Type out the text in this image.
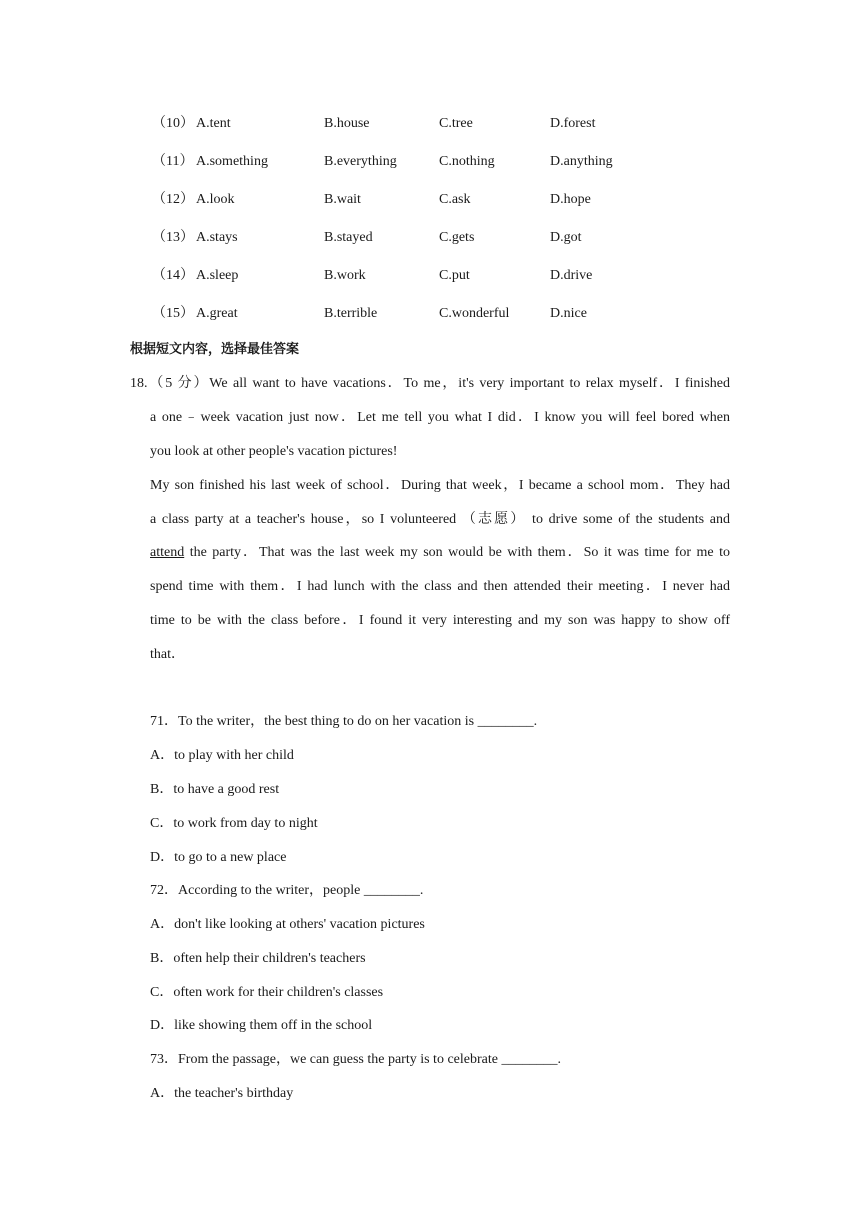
（10） A.tent	B.house	C.tree	D.forest
（11） A.something	B.everything	C.nothing	D.anything
（12） A.look	B.wait	C.ask	D.hope
（13） A.stays	B.stayed	C.gets	D.got
（14） A.sleep	B.work	C.put	D.drive
（15） A.great	B.terrible	C.wonderful	D.nice
根据短文内容，选择最佳答案
18.（5 分）We all want to have vacations．To me，it's very important to relax myself．I finished
a one﹣week vacation just now．Let me tell you what I did．I know you will feel bored when
you look at other people's vacation pictures!
My son finished his last week of school．During that week，I became a school mom．They had
a class party at a teacher's house，so I volunteered （志愿） to drive some of the students and
attend the party．That was the last week my son would be with them．So it was time for me to
spend time with them．I had lunch with the class and then attended their meeting．I never had
time to be with the class before．I found it very interesting and my son was happy to show off
that．
71．To the writer，the best thing to do on her vacation is ________.
A．to play with her child
B．to have a good rest
C．to work from day to night
D．to go to a new place
72．According to the writer，people ________.
A．don't like looking at others' vacation pictures
B．often help their children's teachers
C．often work for their children's classes
D．like showing them off in the school
73．From the passage，we can guess the party is to celebrate ________.
A．the teacher's birthday
